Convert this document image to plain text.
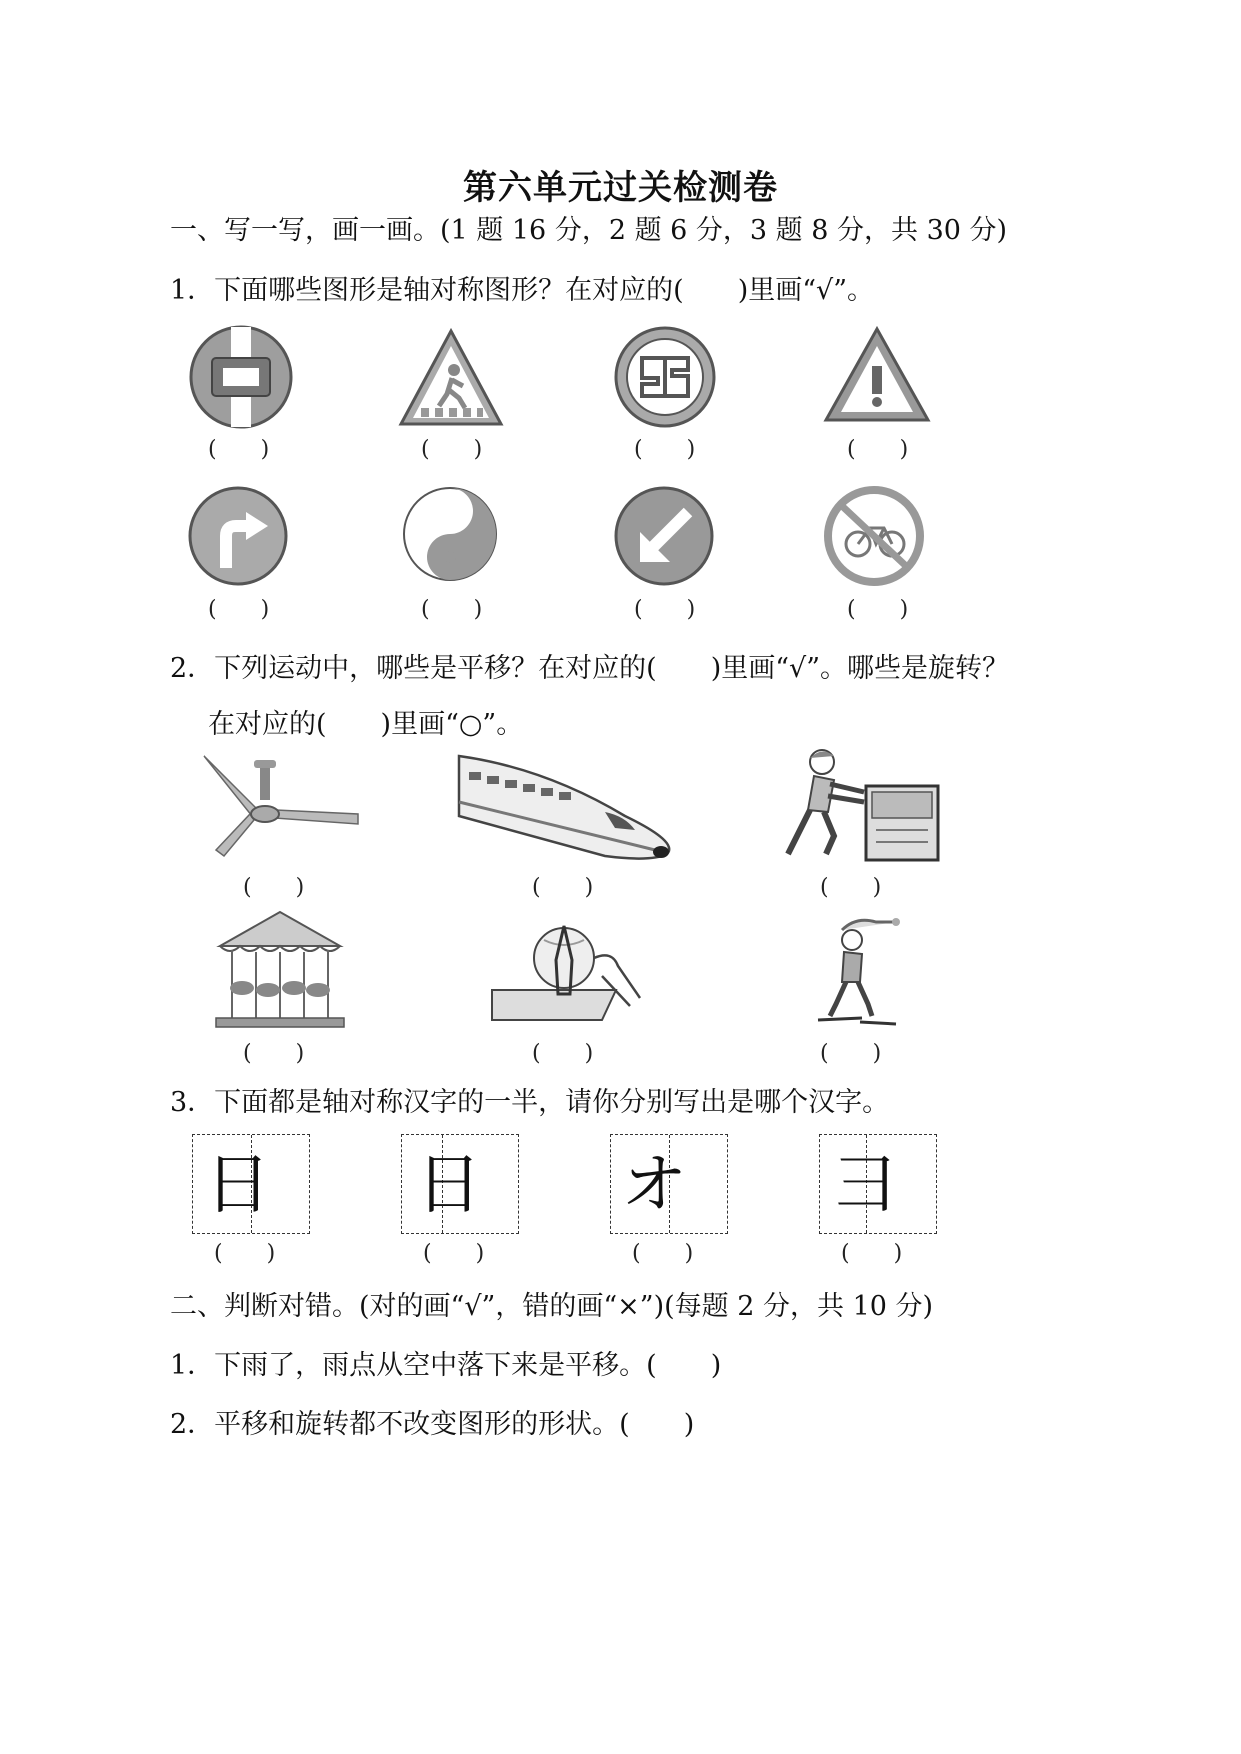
第六单元过关检测卷
一、写一写，画一画。(1 题 16 分，2 题 6 分，3 题 8 分，共 30 分)
1．下面哪些图形是轴对称图形？在对应的(　　)里画“√”。
(　　)	(　　)	(　　)	(　　)
(　　)	(　　)	(　　)	(　　)
2．下列运动中，哪些是平移？在对应的(　　)里画“√”。哪些是旋转？
在对应的(　　)里画“○”。
(　　)	(　　)	(　　)
(　　)	(　　)	(　　)
3．下面都是轴对称汉字的一半，请你分别写出是哪个汉字。
日 日 オ 彐
(　　)	(　　)	(　　)	(　　)
二、判断对错。(对的画“√”，错的画“×”)(每题 2 分，共 10 分)
1．下雨了，雨点从空中落下来是平移。(　　)
2．平移和旋转都不改变图形的形状。(　　)
